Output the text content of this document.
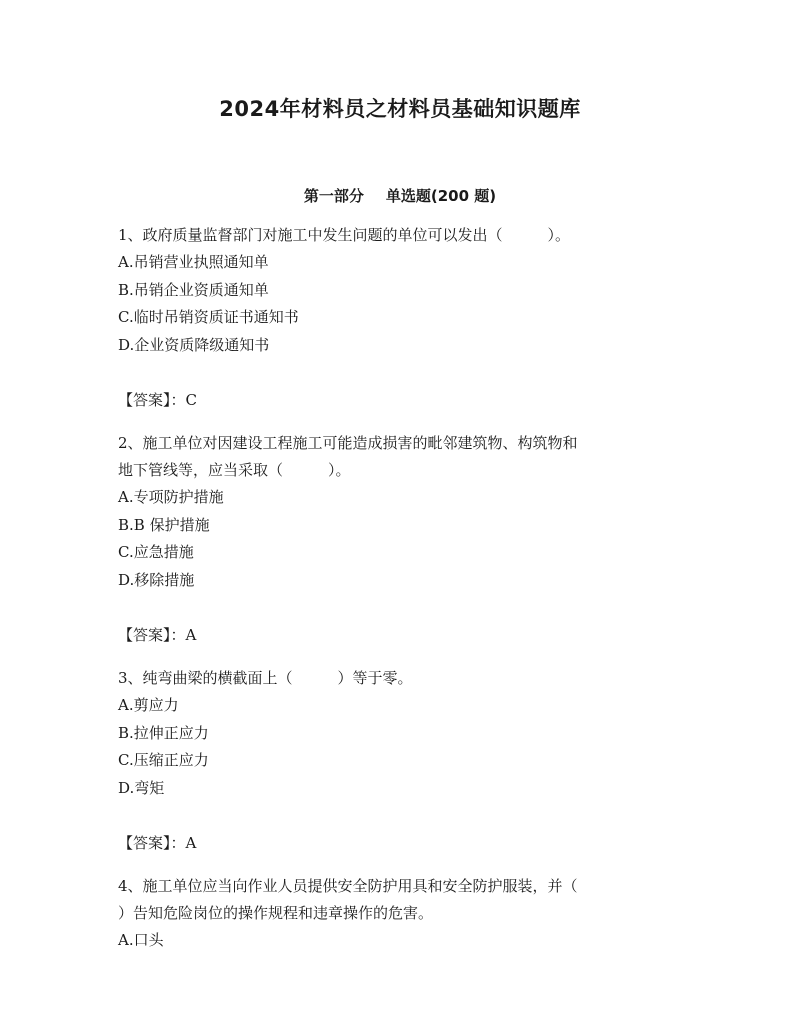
2024年材料员之材料员基础知识题库
第一部分 单选题(200 题)
1、政府质量监督部门对施工中发生问题的单位可以发出（　　　）。
A.吊销营业执照通知单
B.吊销企业资质通知单
C.临时吊销资质证书通知书
D.企业资质降级通知书
【答案】：C
2、施工单位对因建设工程施工可能造成损害的毗邻建筑物、构筑物和
地下管线等，应当采取（　　　）。
A.专项防护措施
B.B 保护措施
C.应急措施
D.移除措施
【答案】：A
3、纯弯曲梁的横截面上（　　　）等于零。
A.剪应力
B.拉伸正应力
C.压缩正应力
D.弯矩
【答案】：A
4、施工单位应当向作业人员提供安全防护用具和安全防护服装，并（
）告知危险岗位的操作规程和违章操作的危害。
A.口头
